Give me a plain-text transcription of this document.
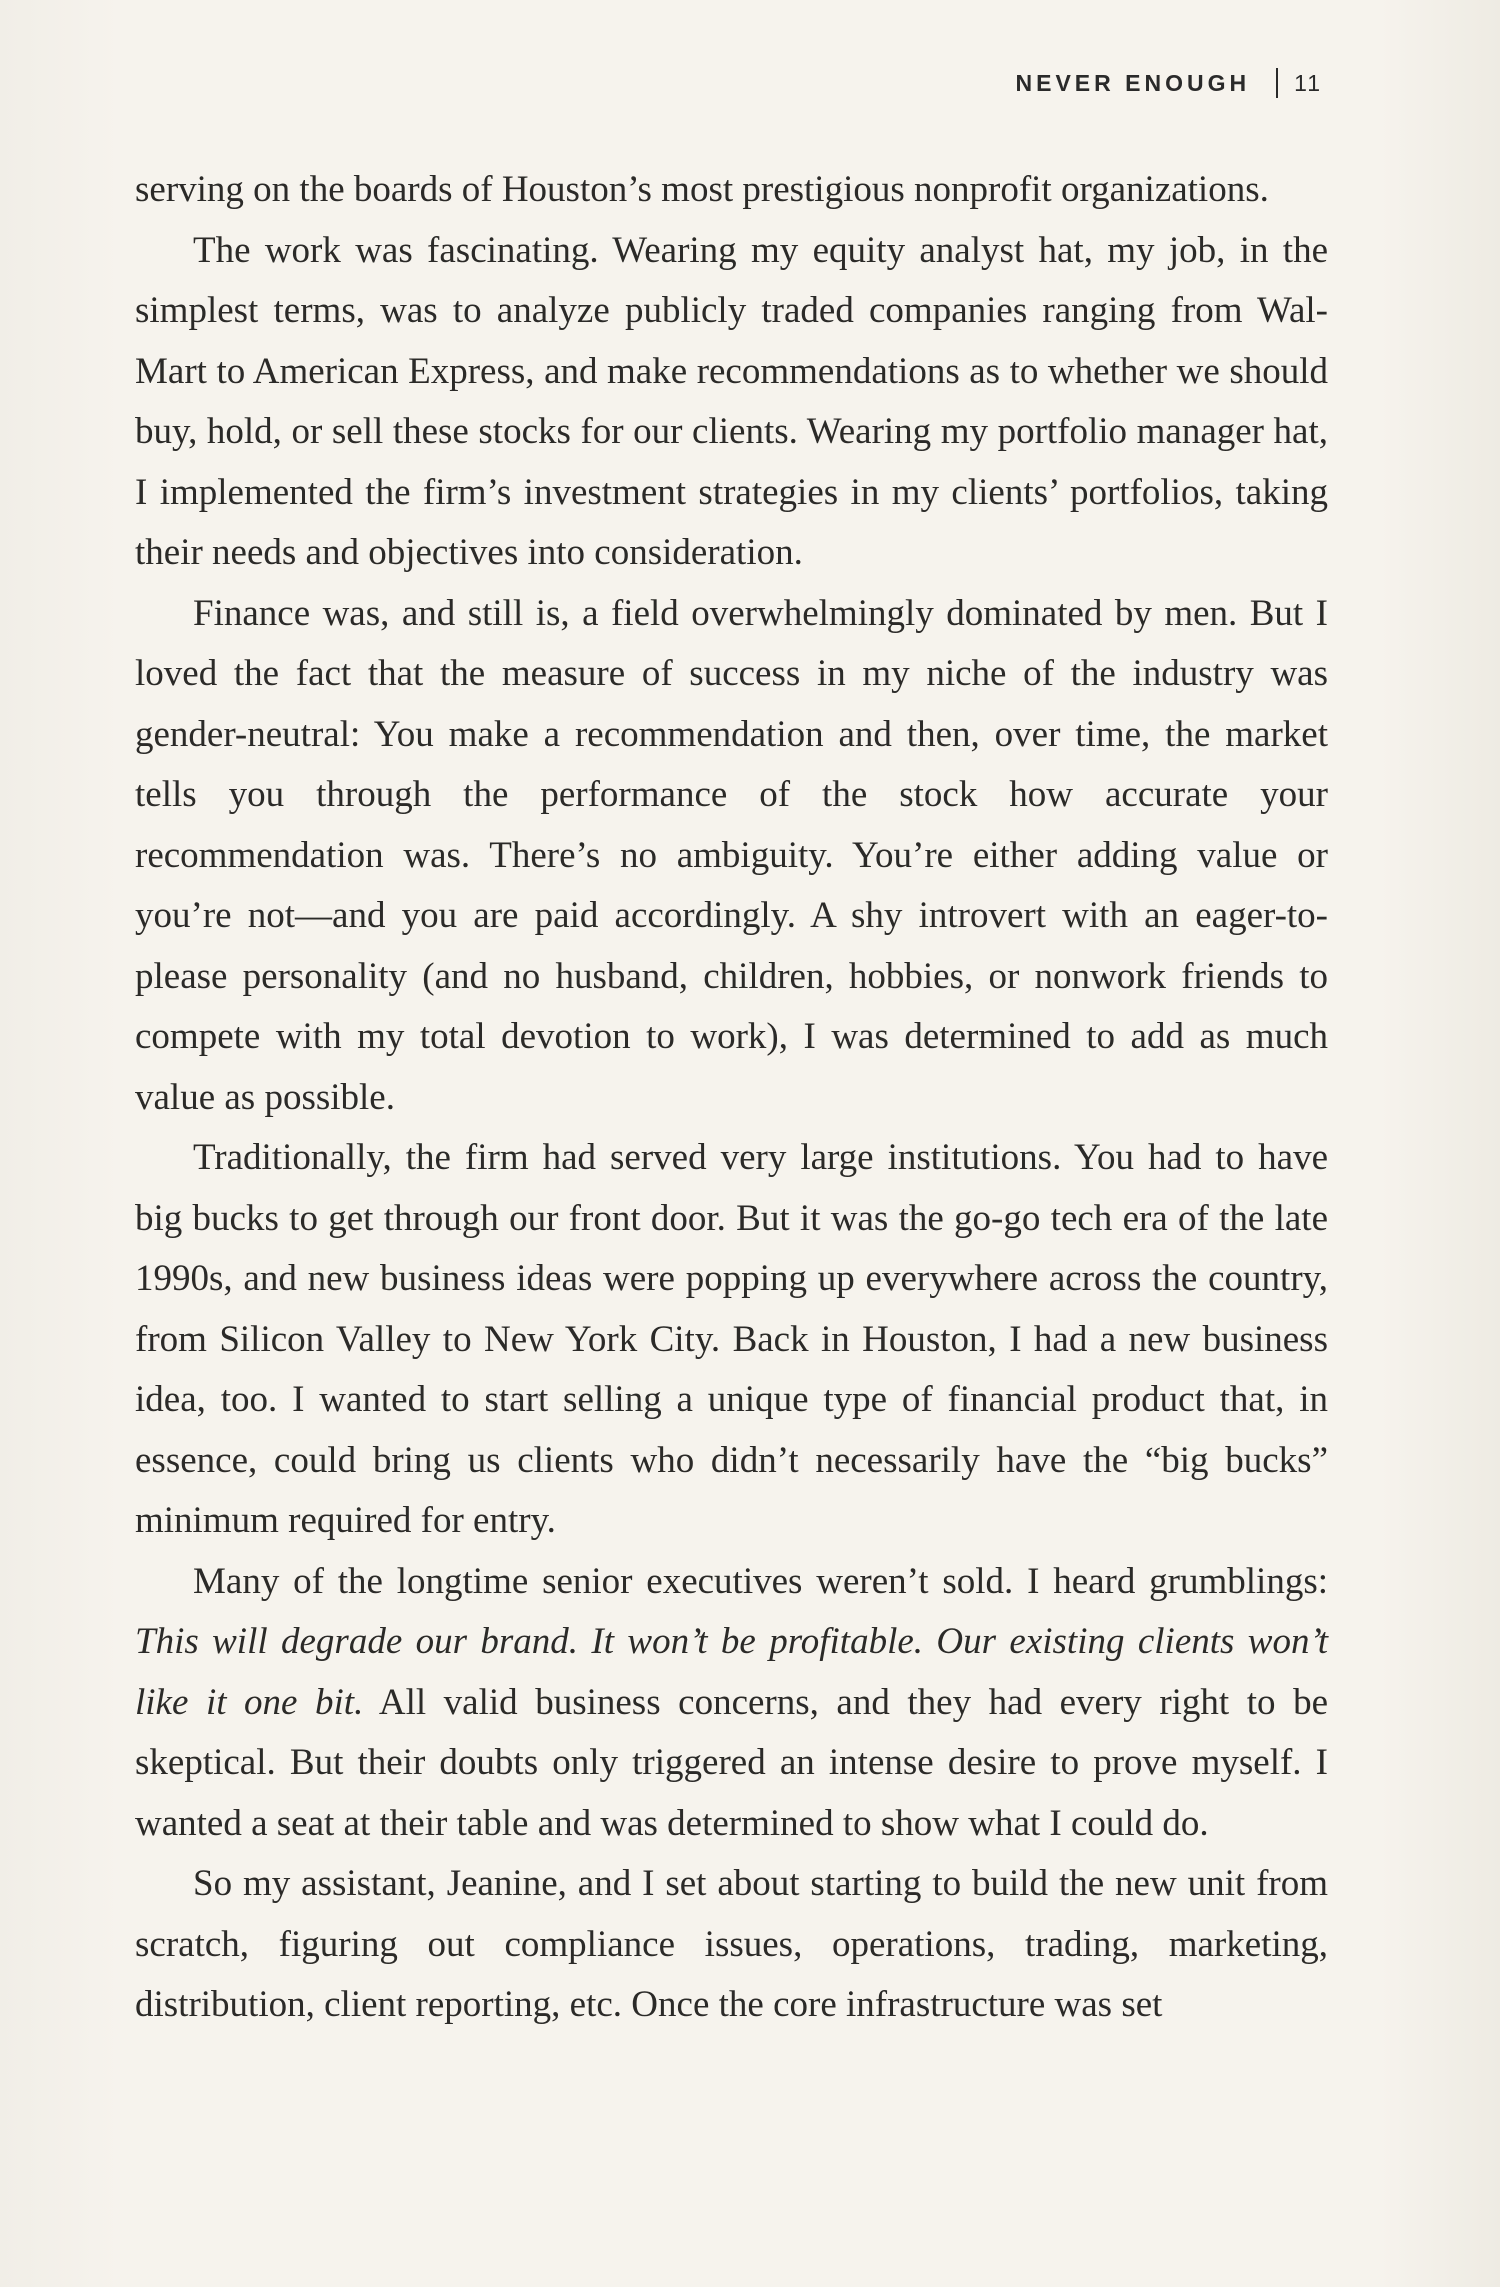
NEVER ENOUGH 11

serving on the boards of Houston’s most prestigious nonprofit organizations.

The work was fascinating. Wearing my equity analyst hat, my job, in the simplest terms, was to analyze publicly traded companies ranging from Wal-Mart to American Express, and make recommendations as to whether we should buy, hold, or sell these stocks for our clients. Wearing my portfolio manager hat, I implemented the firm’s investment strategies in my clients’ portfolios, taking their needs and objectives into consideration.

Finance was, and still is, a field overwhelmingly dominated by men. But I loved the fact that the measure of success in my niche of the industry was gender-neutral: You make a recommendation and then, over time, the market tells you through the performance of the stock how accurate your recommendation was. There’s no ambiguity. You’re either adding value or you’re not—and you are paid accordingly. A shy introvert with an eager-to-please personality (and no husband, children, hobbies, or nonwork friends to compete with my total devotion to work), I was determined to add as much value as possible.

Traditionally, the firm had served very large institutions. You had to have big bucks to get through our front door. But it was the go-go tech era of the late 1990s, and new business ideas were popping up everywhere across the country, from Silicon Valley to New York City. Back in Houston, I had a new business idea, too. I wanted to start selling a unique type of financial product that, in essence, could bring us clients who didn’t necessarily have the “big bucks” minimum required for entry.

Many of the longtime senior executives weren’t sold. I heard grumblings: This will degrade our brand. It won’t be profitable. Our existing clients won’t like it one bit. All valid business concerns, and they had every right to be skeptical. But their doubts only triggered an intense desire to prove myself. I wanted a seat at their table and was determined to show what I could do.

So my assistant, Jeanine, and I set about starting to build the new unit from scratch, figuring out compliance issues, operations, trading, marketing, distribution, client reporting, etc. Once the core infrastructure was set
